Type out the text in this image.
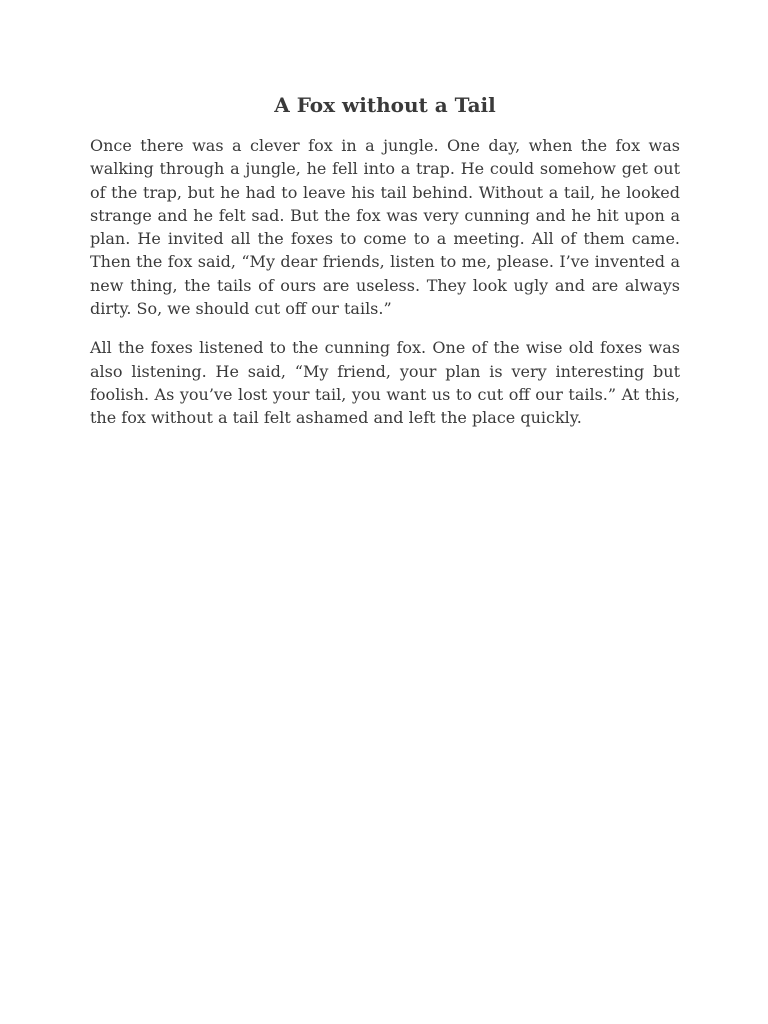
A Fox without a Tail

Once there was a clever fox in a jungle. One day, when the fox was walking through a jungle, he fell into a trap. He could somehow get out of the trap, but he had to leave his tail behind. Without a tail, he looked strange and he felt sad. But the fox was very cunning and he hit upon a plan. He invited all the foxes to come to a meeting. All of them came. Then the fox said, “My dear friends, listen to me, please. I’ve invented a new thing, the tails of ours are useless. They look ugly and are always dirty. So, we should cut off our tails.”

All the foxes listened to the cunning fox. One of the wise old foxes was also listening. He said, “My friend, your plan is very interesting but foolish. As you’ve lost your tail, you want us to cut off our tails.” At this, the fox without a tail felt ashamed and left the place quickly.
